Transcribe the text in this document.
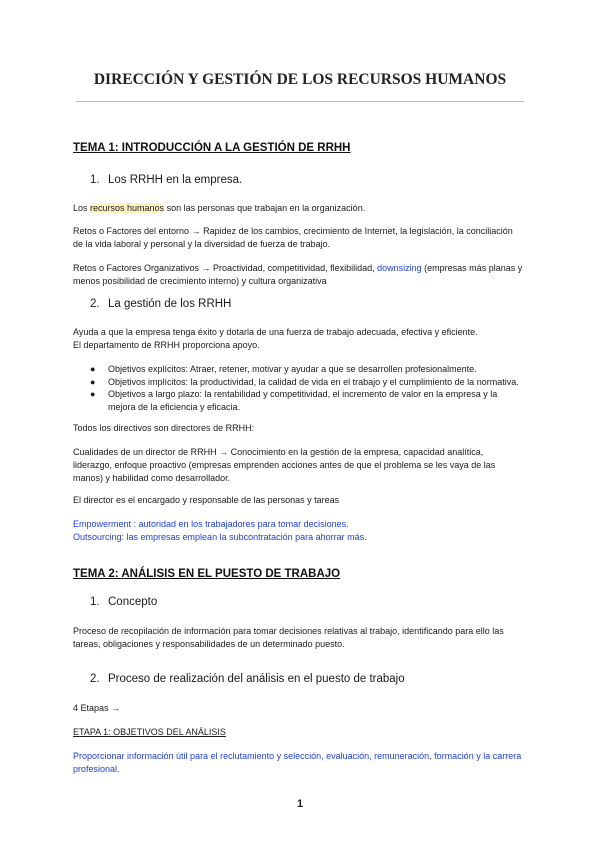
DIRECCIÓN Y GESTIÓN DE LOS RECURSOS HUMANOS
TEMA 1: INTRODUCCIÓN A LA GESTIÓN DE RRHH
1. Los RRHH en la empresa.
Los recursos humanos son las personas que trabajan en la organización.
Retos o Factores del entorno → Rapidez de los cambios, crecimiento de Internet, la legislación, la conciliación
de la vida laboral y personal y la diversidad de fuerza de trabajo.
Retos o Factores Organizativos → Proactividad, competitividad, flexibilidad, downsizing (empresas más planas y
menos posibilidad de crecimiento interno) y cultura organizativa
2. La gestión de los RRHH
Ayuda a que la empresa tenga éxito y dotarla de una fuerza de trabajo adecuada, efectiva y eficiente.
El departamento de RRHH proporciona apoyo.
● Objetivos explícitos: Atraer, retener, motivar y ayudar a que se desarrollen profesionalmente.
● Objetivos implícitos: la productividad, la calidad de vida en el trabajo y el cumplimiento de la normativa.
● Objetivos a largo plazo: la rentabilidad y competitividad, el incremento de valor en la empresa y la
mejora de la eficiencia y eficacia.
Todos los directivos son directores de RRHH:
Cualidades de un director de RRHH → Conocimiento en la gestión de la empresa, capacidad analítica,
liderazgo, enfoque proactivo (empresas emprenden acciones antes de que el problema se les vaya de las
manos) y habilidad como desarrollador.
El director es el encargado y responsable de las personas y tareas
Empowerment : autoridad en los trabajadores para tomar decisiones.
Outsourcing: las empresas emplean la subcontratación para ahorrar más.
TEMA 2: ANÁLISIS EN EL PUESTO DE TRABAJO
1. Concepto
Proceso de recopilación de información para tomar decisiones relativas al trabajo, identificando para ello las
tareas, obligaciones y responsabilidades de un determinado puesto.
2. Proceso de realización del análisis en el puesto de trabajo
4 Etapas →
ETAPA 1: OBJETIVOS DEL ANÁLISIS
Proporcionar información útil para el reclutamiento y selección, evaluación, remuneración, formación y la carrera
profesional.
1
